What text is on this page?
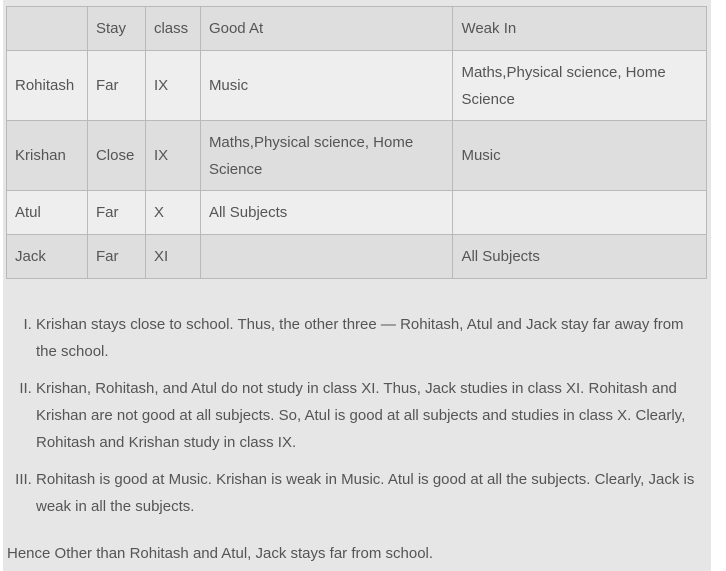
	Stay	class	Good At	Weak In
Rohitash	Far	IX	Music	Maths,Physical science, Home Science
Krishan	Close	IX	Maths,Physical science, Home Science	Music
Atul	Far	X	All Subjects	
Jack	Far	XI		All Subjects
I. Krishan stays close to school. Thus, the other three — Rohitash, Atul and Jack stay far away from the school.
II. Krishan, Rohitash, and Atul do not study in class XI. Thus, Jack studies in class XI. Rohitash and Krishan are not good at all subjects. So, Atul is good at all subjects and studies in class X. Clearly, Rohitash and Krishan study in class IX.
III. Rohitash is good at Music. Krishan is weak in Music. Atul is good at all the subjects. Clearly, Jack is weak in all the subjects.
Hence Other than Rohitash and Atul, Jack stays far from school.
